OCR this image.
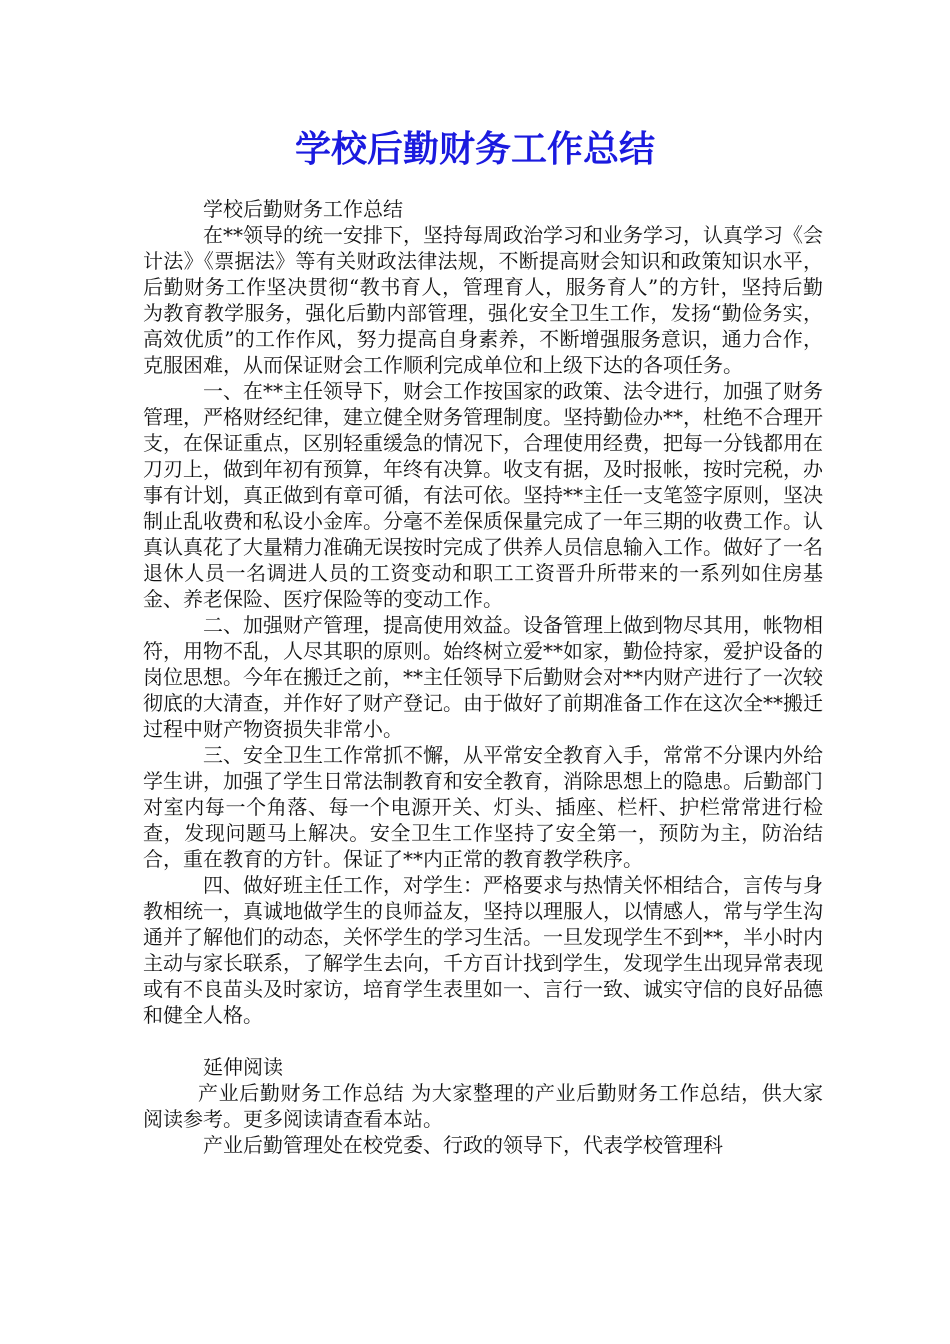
学校后勤财务工作总结

学校后勤财务工作总结

在**领导的统一安排下，坚持每周政治学习和业务学习，认真学习《会计法》《票据法》等有关财政法律法规，不断提高财会知识和政策知识水平，后勤财务工作坚决贯彻“教书育人，管理育人，服务育人”的方针，坚持后勤为教育教学服务，强化后勤内部管理，强化安全卫生工作，发扬“勤俭务实，高效优质”的工作作风，努力提高自身素养，不断增强服务意识，通力合作，克服困难，从而保证财会工作顺利完成单位和上级下达的各项任务。

一、在**主任领导下，财会工作按国家的政策、法令进行，加强了财务管理，严格财经纪律，建立健全财务管理制度。坚持勤俭办**，杜绝不合理开支，在保证重点，区别轻重缓急的情况下，合理使用经费，把每一分钱都用在刀刃上，做到年初有预算，年终有决算。收支有据，及时报帐，按时完税，办事有计划，真正做到有章可循，有法可依。坚持**主任一支笔签字原则，坚决制止乱收费和私设小金库。分毫不差保质保量完成了一年三期的收费工作。认真认真花了大量精力准确无误按时完成了供养人员信息输入工作。做好了一名退休人员一名调进人员的工资变动和职工工资晋升所带来的一系列如住房基金、养老保险、医疗保险等的变动工作。

二、加强财产管理，提高使用效益。设备管理上做到物尽其用，帐物相符，用物不乱，人尽其职的原则。始终树立爱**如家，勤俭持家，爱护设备的岗位思想。今年在搬迁之前，**主任领导下后勤财会对**内财产进行了一次较彻底的大清查，并作好了财产登记。由于做好了前期准备工作在这次全**搬迁过程中财产物资损失非常小。

三、安全卫生工作常抓不懈，从平常安全教育入手，常常不分课内外给学生讲，加强了学生日常法制教育和安全教育，消除思想上的隐患。后勤部门对室内每一个角落、每一个电源开关、灯头、插座、栏杆、护栏常常进行检查，发现问题马上解决。安全卫生工作坚持了安全第一，预防为主，防治结合，重在教育的方针。保证了**内正常的教育教学秩序。

四、做好班主任工作，对学生：严格要求与热情关怀相结合，言传与身教相统一，真诚地做学生的良师益友，坚持以理服人，以情感人，常与学生沟通并了解他们的动态，关怀学生的学习生活。一旦发现学生不到**，半小时内主动与家长联系，了解学生去向，千方百计找到学生，发现学生出现异常表现或有不良苗头及时家访，培育学生表里如一、言行一致、诚实守信的良好品德和健全人格。

延伸阅读

产业后勤财务工作总结 为大家整理的产业后勤财务工作总结，供大家阅读参考。更多阅读请查看本站。

产业后勤管理处在校党委、行政的领导下，代表学校管理科
